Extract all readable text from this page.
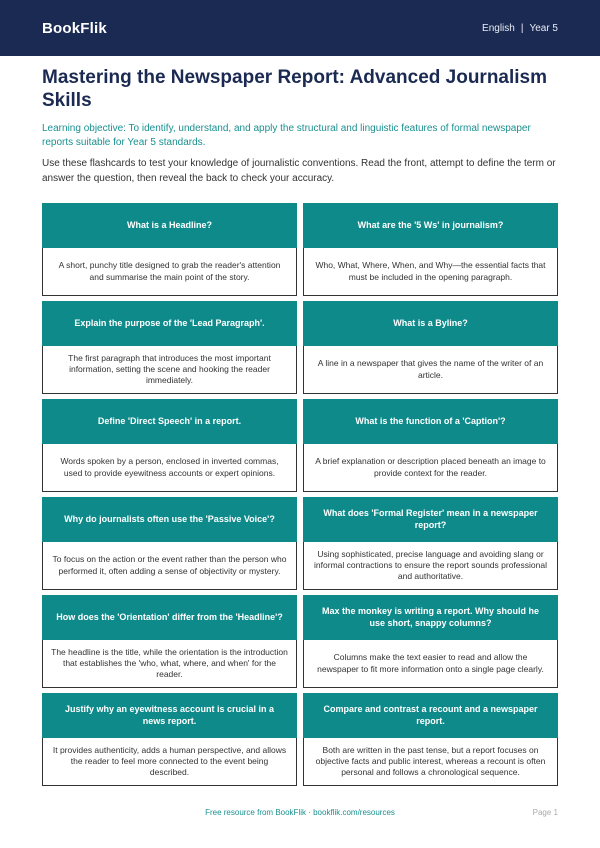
BookFlik	English | Year 5
Mastering the Newspaper Report: Advanced Journalism Skills

Learning objective: To identify, understand, and apply the structural and linguistic features of formal newspaper reports suitable for Year 5 standards.

Use these flashcards to test your knowledge of journalistic conventions. Read the front, attempt to define the term or answer the question, then reveal the back to check your accuracy.

What is a Headline?
A short, punchy title designed to grab the reader's attention and summarise the main point of the story.
What are the '5 Ws' in journalism?
Who, What, Where, When, and Why—the essential facts that must be included in the opening paragraph.
Explain the purpose of the 'Lead Paragraph'.
The first paragraph that introduces the most important information, setting the scene and hooking the reader immediately.
What is a Byline?
A line in a newspaper that gives the name of the writer of an article.
Define 'Direct Speech' in a report.
Words spoken by a person, enclosed in inverted commas, used to provide eyewitness accounts or expert opinions.
What is the function of a 'Caption'?
A brief explanation or description placed beneath an image to provide context for the reader.
Why do journalists often use the 'Passive Voice'?
To focus on the action or the event rather than the person who performed it, often adding a sense of objectivity or mystery.
What does 'Formal Register' mean in a newspaper report?
Using sophisticated, precise language and avoiding slang or informal contractions to ensure the report sounds professional and authoritative.
How does the 'Orientation' differ from the 'Headline'?
The headline is the title, while the orientation is the introduction that establishes the 'who, what, where, and when' for the reader.
Max the monkey is writing a report. Why should he use short, snappy columns?
Columns make the text easier to read and allow the newspaper to fit more information onto a single page clearly.
Justify why an eyewitness account is crucial in a news report.
It provides authenticity, adds a human perspective, and allows the reader to feel more connected to the event being described.
Compare and contrast a recount and a newspaper report.
Both are written in the past tense, but a report focuses on objective facts and public interest, whereas a recount is often personal and follows a chronological sequence.
Free resource from BookFlik · bookflik.com/resources	Page 1
